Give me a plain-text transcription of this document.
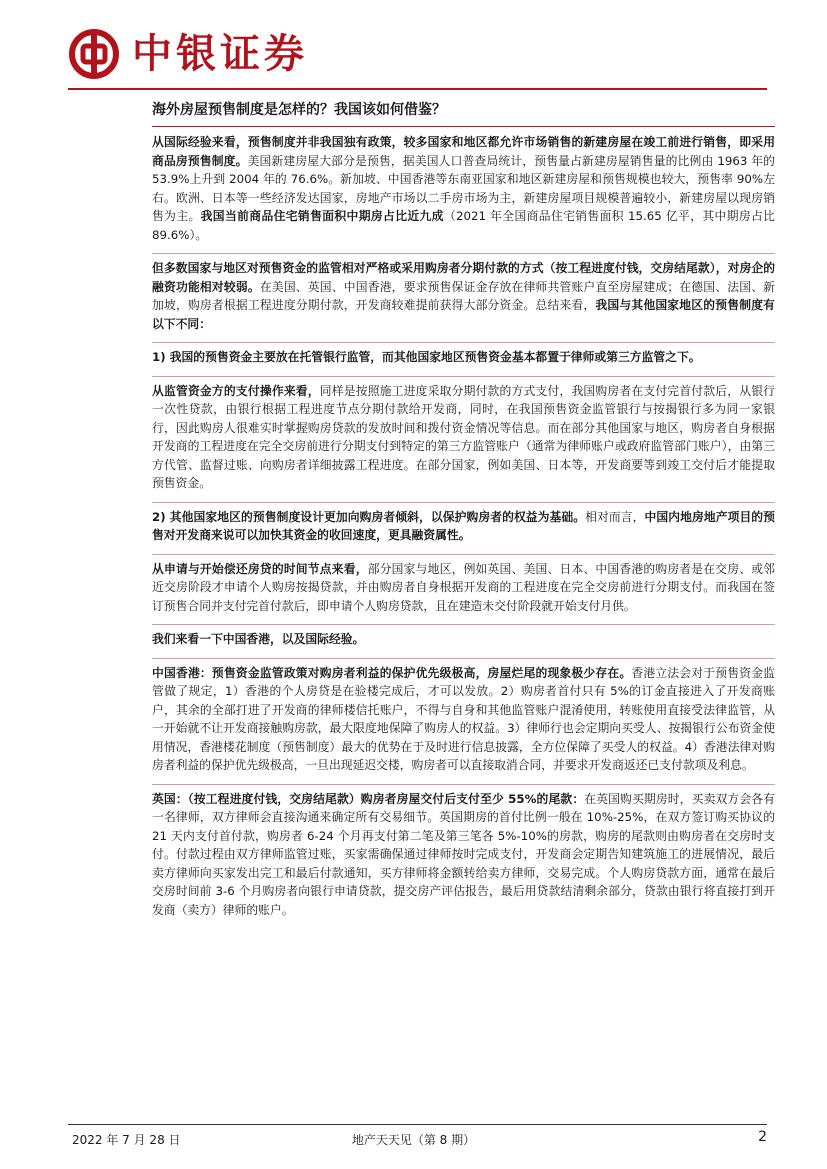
中银证券
海外房屋预售制度是怎样的？我国该如何借鉴？

从国际经验来看，预售制度并非我国独有政策，较多国家和地区都允许市场销售的新建房屋在竣工前进行销售，即采用商品房预售制度。美国新建房屋大部分是预售，据美国人口普查局统计，预售量占新建房屋销售量的比例由 1963 年的 53.9%上升到 2004 年的 76.6%。新加坡、中国香港等东南亚国家和地区新建房屋和预售规模也较大，预售率 90%左右。欧洲、日本等一些经济发达国家，房地产市场以二手房市场为主，新建房屋项目规模普遍较小，新建房屋以现房销售为主。我国当前商品住宅销售面积中期房占比近九成（2021 年全国商品住宅销售面积 15.65 亿平，其中期房占比 89.6%）。

但多数国家与地区对预售资金的监管相对严格或采用购房者分期付款的方式（按工程进度付钱，交房结尾款），对房企的融资功能相对较弱。在美国、英国、中国香港，要求预售保证金存放在律师共管账户直至房屋建成；在德国、法国、新加坡，购房者根据工程进度分期付款，开发商较难提前获得大部分资金。总结来看，我国与其他国家地区的预售制度有以下不同：

1) 我国的预售资金主要放在托管银行监管，而其他国家地区预售资金基本都置于律师或第三方监管之下。

从监管资金方的支付操作来看，同样是按照施工进度采取分期付款的方式支付，我国购房者在支付完首付款后，从银行一次性贷款，由银行根据工程进度节点分期付款给开发商，同时，在我国预售资金监管银行与按揭银行多为同一家银行，因此购房人很难实时掌握购房贷款的发放时间和拨付资金情况等信息。而在部分其他国家与地区，购房者自身根据开发商的工程进度在完全交房前进行分期支付到特定的第三方监管账户（通常为律师账户或政府监管部门账户），由第三方代管、监督过账、向购房者详细披露工程进度。在部分国家，例如美国、日本等，开发商要等到竣工交付后才能提取预售资金。

2) 其他国家地区的预售制度设计更加向购房者倾斜，以保护购房者的权益为基础。相对而言，中国内地房地产项目的预售对开发商来说可以加快其资金的收回速度，更具融资属性。

从申请与开始偿还房贷的时间节点来看，部分国家与地区，例如英国、美国、日本、中国香港的购房者是在交房、或邻近交房阶段才申请个人购房按揭贷款，并由购房者自身根据开发商的工程进度在完全交房前进行分期支付。而我国在签订预售合同并支付完首付款后，即申请个人购房贷款，且在建造未交付阶段就开始支付月供。

我们来看一下中国香港，以及国际经验。

中国香港：预售资金监管政策对购房者利益的保护优先级极高，房屋烂尾的现象极少存在。香港立法会对于预售资金监管做了规定，1）香港的个人房贷是在验楼完成后，才可以发放。2）购房者首付只有 5%的订金直接进入了开发商账户，其余的全部打进了开发商的律师楼信托账户，不得与自身和其他监管账户混淆使用，转账使用直接受法律监管，从一开始就不让开发商接触购房款，最大限度地保障了购房人的权益。3）律师行也会定期向买受人、按揭银行公布资金使用情况，香港楼花制度（预售制度）最大的优势在于及时进行信息披露，全方位保障了买受人的权益。4）香港法律对购房者利益的保护优先级极高，一旦出现延迟交楼，购房者可以直接取消合同，并要求开发商返还已支付款项及利息。

英国：（按工程进度付钱，交房结尾款）购房者房屋交付后支付至少 55%的尾款：在英国购买期房时，买卖双方会各有一名律师，双方律师会直接沟通来确定所有交易细节。英国期房的首付比例一般在 10%-25%，在双方签订购买协议的 21 天内支付首付款，购房者 6-24 个月再支付第二笔及第三笔各 5%-10%的房款，购房的尾款则由购房者在交房时支付。付款过程由双方律师监管过账，买家需确保通过律师按时完成支付，开发商会定期告知建筑施工的进展情况，最后卖方律师向买家发出完工和最后付款通知，买方律师将金额转给卖方律师，交易完成。个人购房贷款方面，通常在最后交房时间前 3-6 个月购房者向银行申请贷款，提交房产评估报告，最后用贷款结清剩余部分，贷款由银行将直接打到开发商（卖方）律师的账户。

2022 年 7 月 28 日	地产天天见（第 8 期）	2
